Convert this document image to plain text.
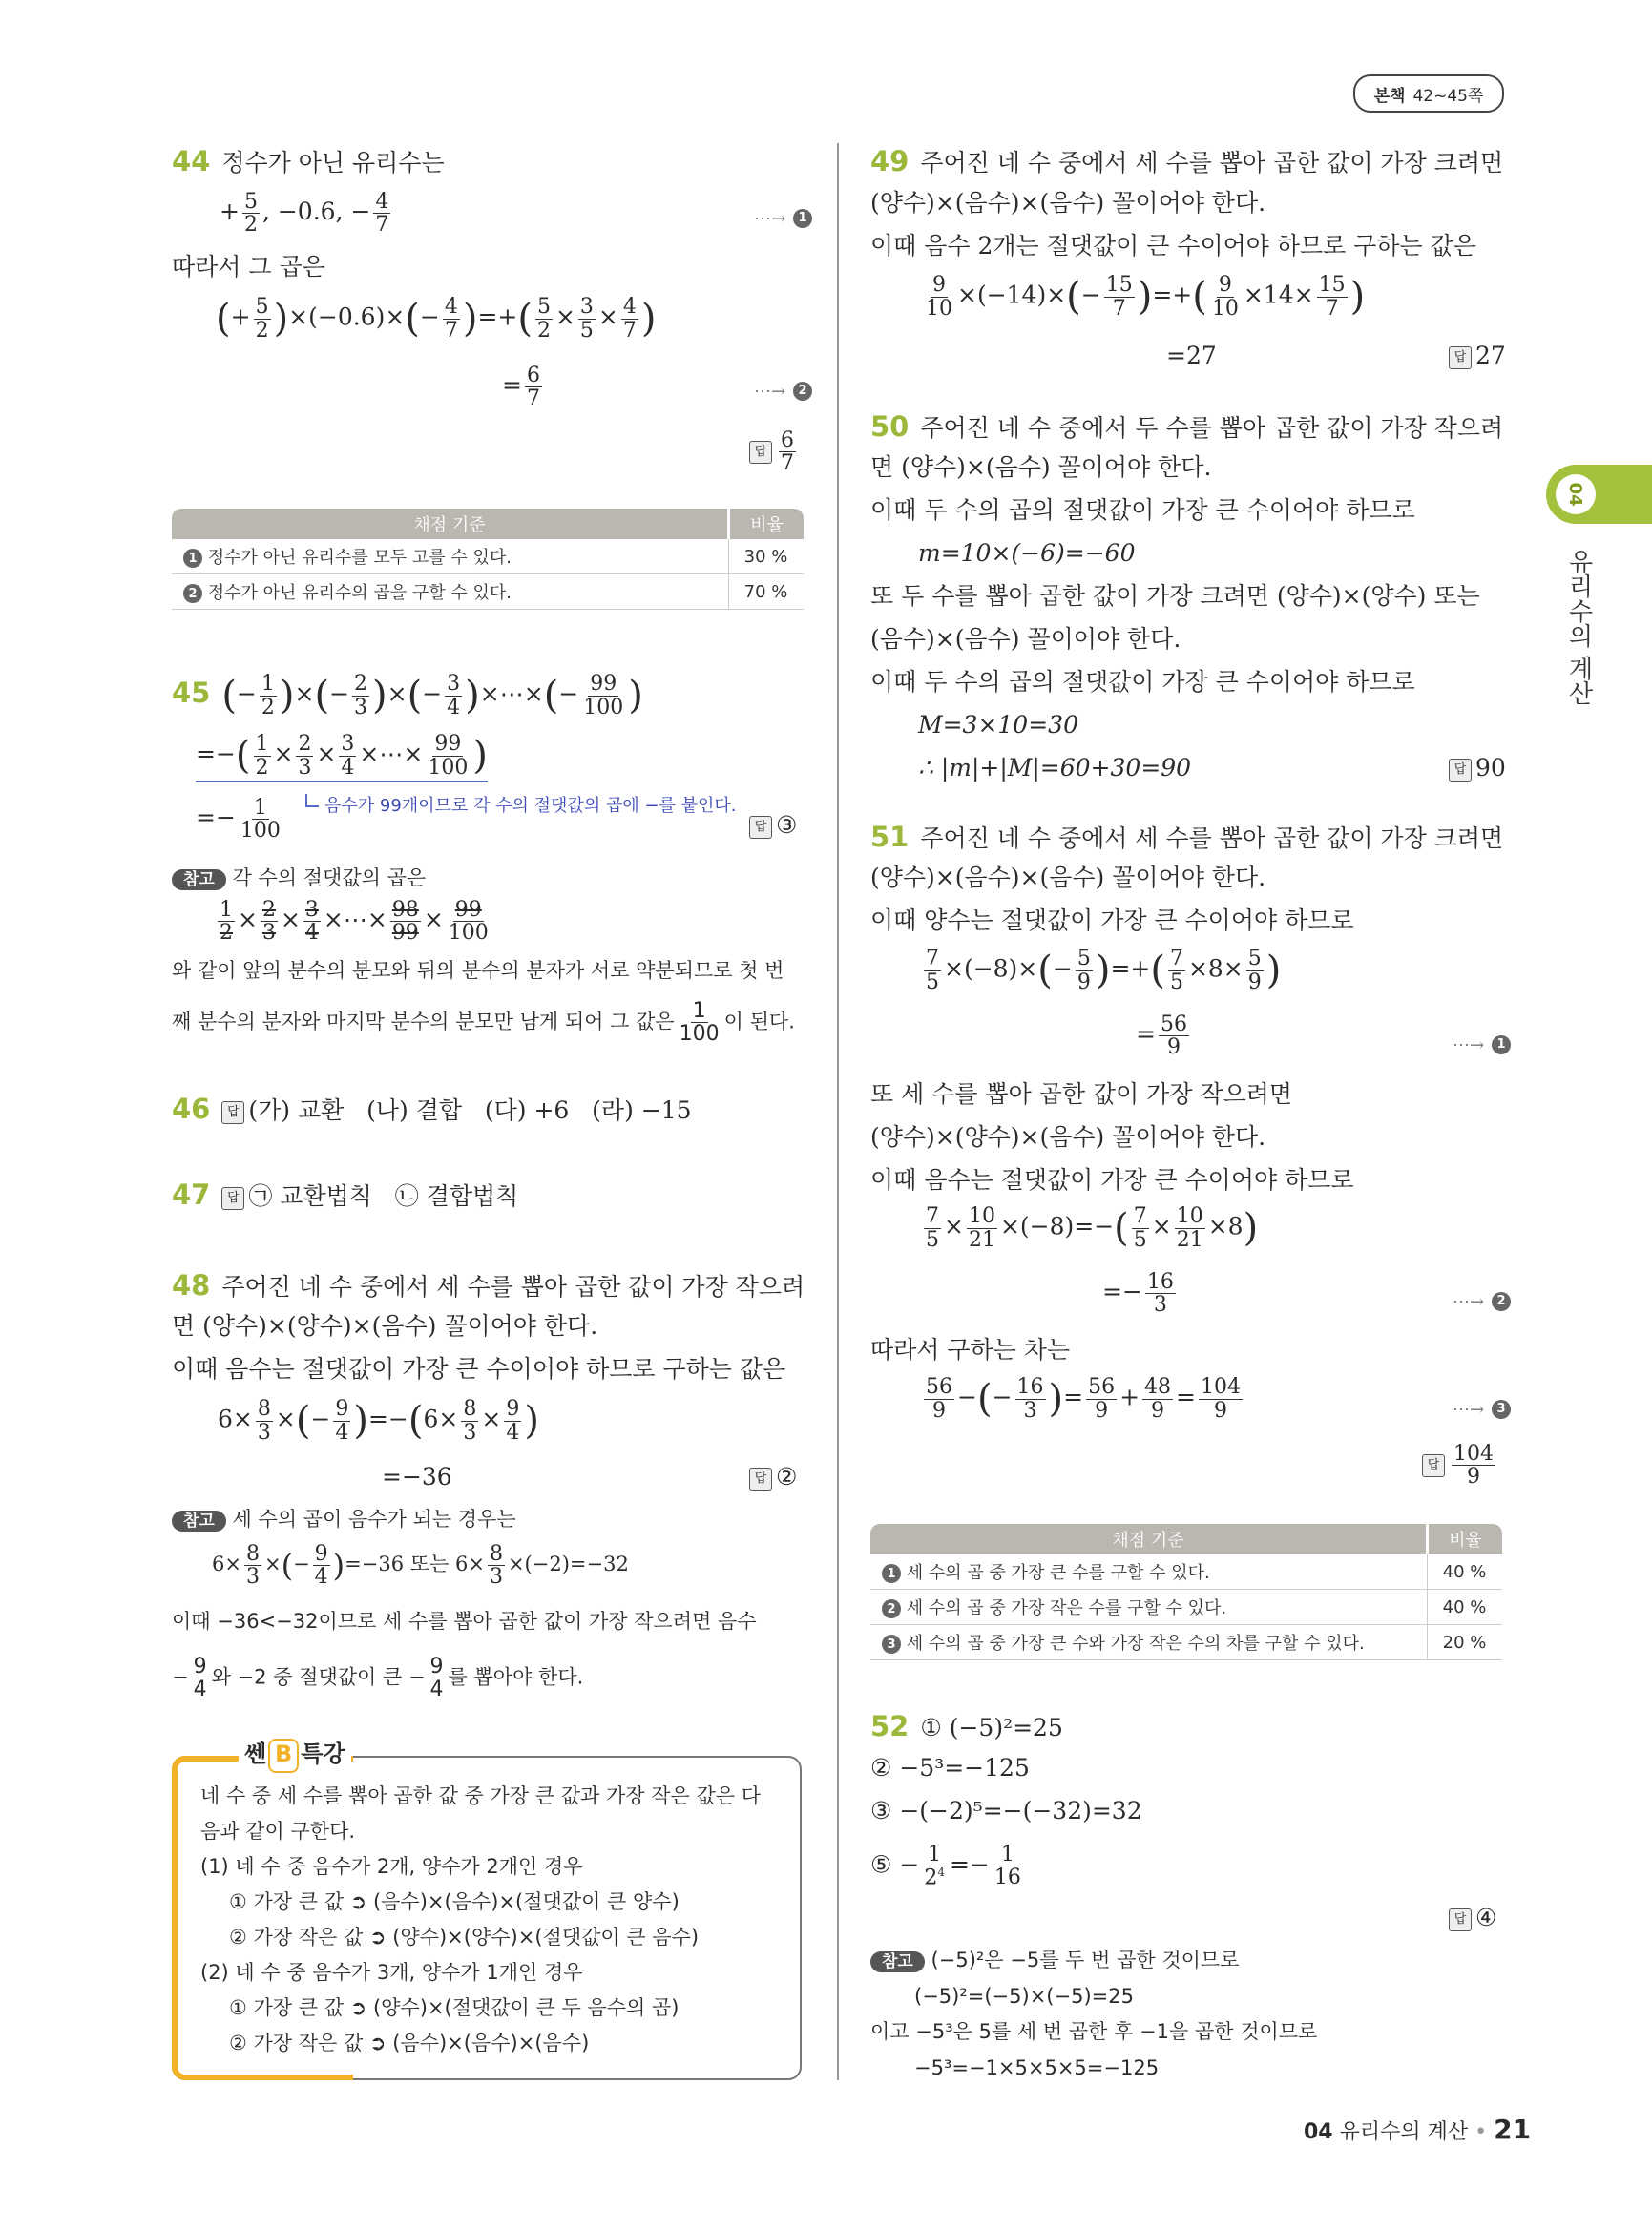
본책 42~45쪽
04
유리수의 계산
44 정수가 아닌 유리수는
+ $\frac{5}{2}$ , −0.6, − $\frac{4}{7}$	⋯→ 1
따라서 그 곱은
(+ $\frac{5}{2} )\times(-0.6)\times(- \frac{4}{7}$ )=+( $\frac{5}{2} \times \frac{3}{5} \times \frac{4}{7}$ )
= $\frac{6}{7}$	⋯→ 2
답 $\frac{6}{7}$
채점 기준	비율
1 정수가 아닌 유리수를 모두 고를 수 있다.	30 %
2 정수가 아닌 유리수의 곱을 구할 수 있다.	70 %
45 (− $\frac{1}{2}$ )×(− $\frac{2}{3}$ )×(− $\frac{3}{4}$ )×⋯×(− $\frac{99}{100}$ )
=−( $\frac{1}{2} \times \frac{2}{3} \times \frac{3}{4}$ ×⋯× $\frac{99}{100}$ )
=− $\frac{1}{100}$	음수가 99개이므로 각 수의 절댓값의 곱에 −를 붙인다.
답 ③
참고 각 수의 절댓값의 곱은
$\frac{1}{2} \times \frac{2}{3} \times \frac{3}{4}$ ×⋯× $\frac{98}{99} \times \frac{99}{100}$
와 같이 앞의 분수의 분모와 뒤의 분수의 분자가 서로 약분되므로 첫 번
째 분수의 분자와 마지막 분수의 분모만 남게 되어 그 값은 $\frac{1}{100}$ 이 된다.
46 답 (가) 교환 (나) 결합 (다) +6 (라) −15
47 답 ㉠ 교환법칙 ㉡ 결합법칙
48 주어진 네 수 중에서 세 수를 뽑아 곱한 값이 가장 작으려
면 (양수)×(양수)×(음수) 꼴이어야 한다.
이때 음수는 절댓값이 가장 큰 수이어야 하므로 구하는 값은
$6\times \frac{8}{3}$ ×(− $\frac{9}{4} )=-(6\times \frac{8}{3} \times \frac{9}{4}$ )
=−36	답 ②
참고 세 수의 곱이 음수가 되는 경우는
$6\times \frac{8}{3}$ ×(− $\frac{9}{4} )=-36$ 또는 $6\times \frac{8}{3} \times(-2)=-32$
이때 −36<−32이므로 세 수를 뽑아 곱한 값이 가장 작으려면 음수
− $\frac{9}{4}$ 와 −2 중 절댓값이 큰 − $\frac{9}{4}$ 를 뽑아야 한다.
쎈 B 특강
네 수 중 세 수를 뽑아 곱한 값 중 가장 큰 값과 가장 작은 값은 다
음과 같이 구한다.
(1) 네 수 중 음수가 2개, 양수가 2개인 경우
① 가장 큰 값 ➲ (음수)×(음수)×(절댓값이 큰 양수)
② 가장 작은 값 ➲ (양수)×(양수)×(절댓값이 큰 음수)
(2) 네 수 중 음수가 3개, 양수가 1개인 경우
① 가장 큰 값 ➲ (양수)×(절댓값이 큰 두 음수의 곱)
② 가장 작은 값 ➲ (음수)×(음수)×(음수)
49 주어진 네 수 중에서 세 수를 뽑아 곱한 값이 가장 크려면
(양수)×(음수)×(음수) 꼴이어야 한다.
이때 음수 2개는 절댓값이 큰 수이어야 하므로 구하는 값은
$\frac{9}{10} \times(-14)\times(- \frac{15}{7}$ )=+( $\frac{9}{10} \times 14\times \frac{15}{7}$ )
=27	답 27
50 주어진 네 수 중에서 두 수를 뽑아 곱한 값이 가장 작으려
면 (양수)×(음수) 꼴이어야 한다.
이때 두 수의 곱의 절댓값이 가장 큰 수이어야 하므로
m=10×(−6)=−60
또 두 수를 뽑아 곱한 값이 가장 크려면 (양수)×(양수) 또는
(음수)×(음수) 꼴이어야 한다.
이때 두 수의 곱의 절댓값이 가장 큰 수이어야 하므로
M=3×10=30
∴ |m|+|M|=60+30=90	답 90
51 주어진 네 수 중에서 세 수를 뽑아 곱한 값이 가장 크려면
(양수)×(음수)×(음수) 꼴이어야 한다.
이때 양수는 절댓값이 가장 큰 수이어야 하므로
$\frac{7}{5} \times(-8)\times(- \frac{5}{9}$ )=+( $\frac{7}{5} \times 8\times \frac{5}{9}$ )
= $\frac{56}{9}$	⋯→ 1
또 세 수를 뽑아 곱한 값이 가장 작으려면
(양수)×(양수)×(음수) 꼴이어야 한다.
이때 음수는 절댓값이 가장 큰 수이어야 하므로
$\frac{7}{5} \times \frac{10}{21} \times(-8)=-( \frac{7}{5} \times \frac{10}{21} \times 8)$
=− $\frac{16}{3}$	⋯→ 2
따라서 구하는 차는
$\frac{56}{9}$ −(− $\frac{16}{3}$ )= $\frac{56}{9} + \frac{48}{9} = \frac{104}{9}$	⋯→ 3
답 $\frac{104}{9}$
채점 기준	비율
1 세 수의 곱 중 가장 큰 수를 구할 수 있다.	40 %
2 세 수의 곱 중 가장 작은 수를 구할 수 있다.	40 %
3 세 수의 곱 중 가장 큰 수와 가장 작은 수의 차를 구할 수 있다.	20 %
52 ① (−5)²=25
② −5³=−125
③ −(−2)⁵=−(−32)=32
⑤ − $\frac{1}{2^4} =- \frac{1}{16}$
답 ④
참고 (−5)²은 −5를 두 번 곱한 것이므로
(−5)²=(−5)×(−5)=25
이고 −5³은 5를 세 번 곱한 후 −1을 곱한 것이므로
−5³=−1×5×5×5=−125
04 유리수의 계산 • 21
